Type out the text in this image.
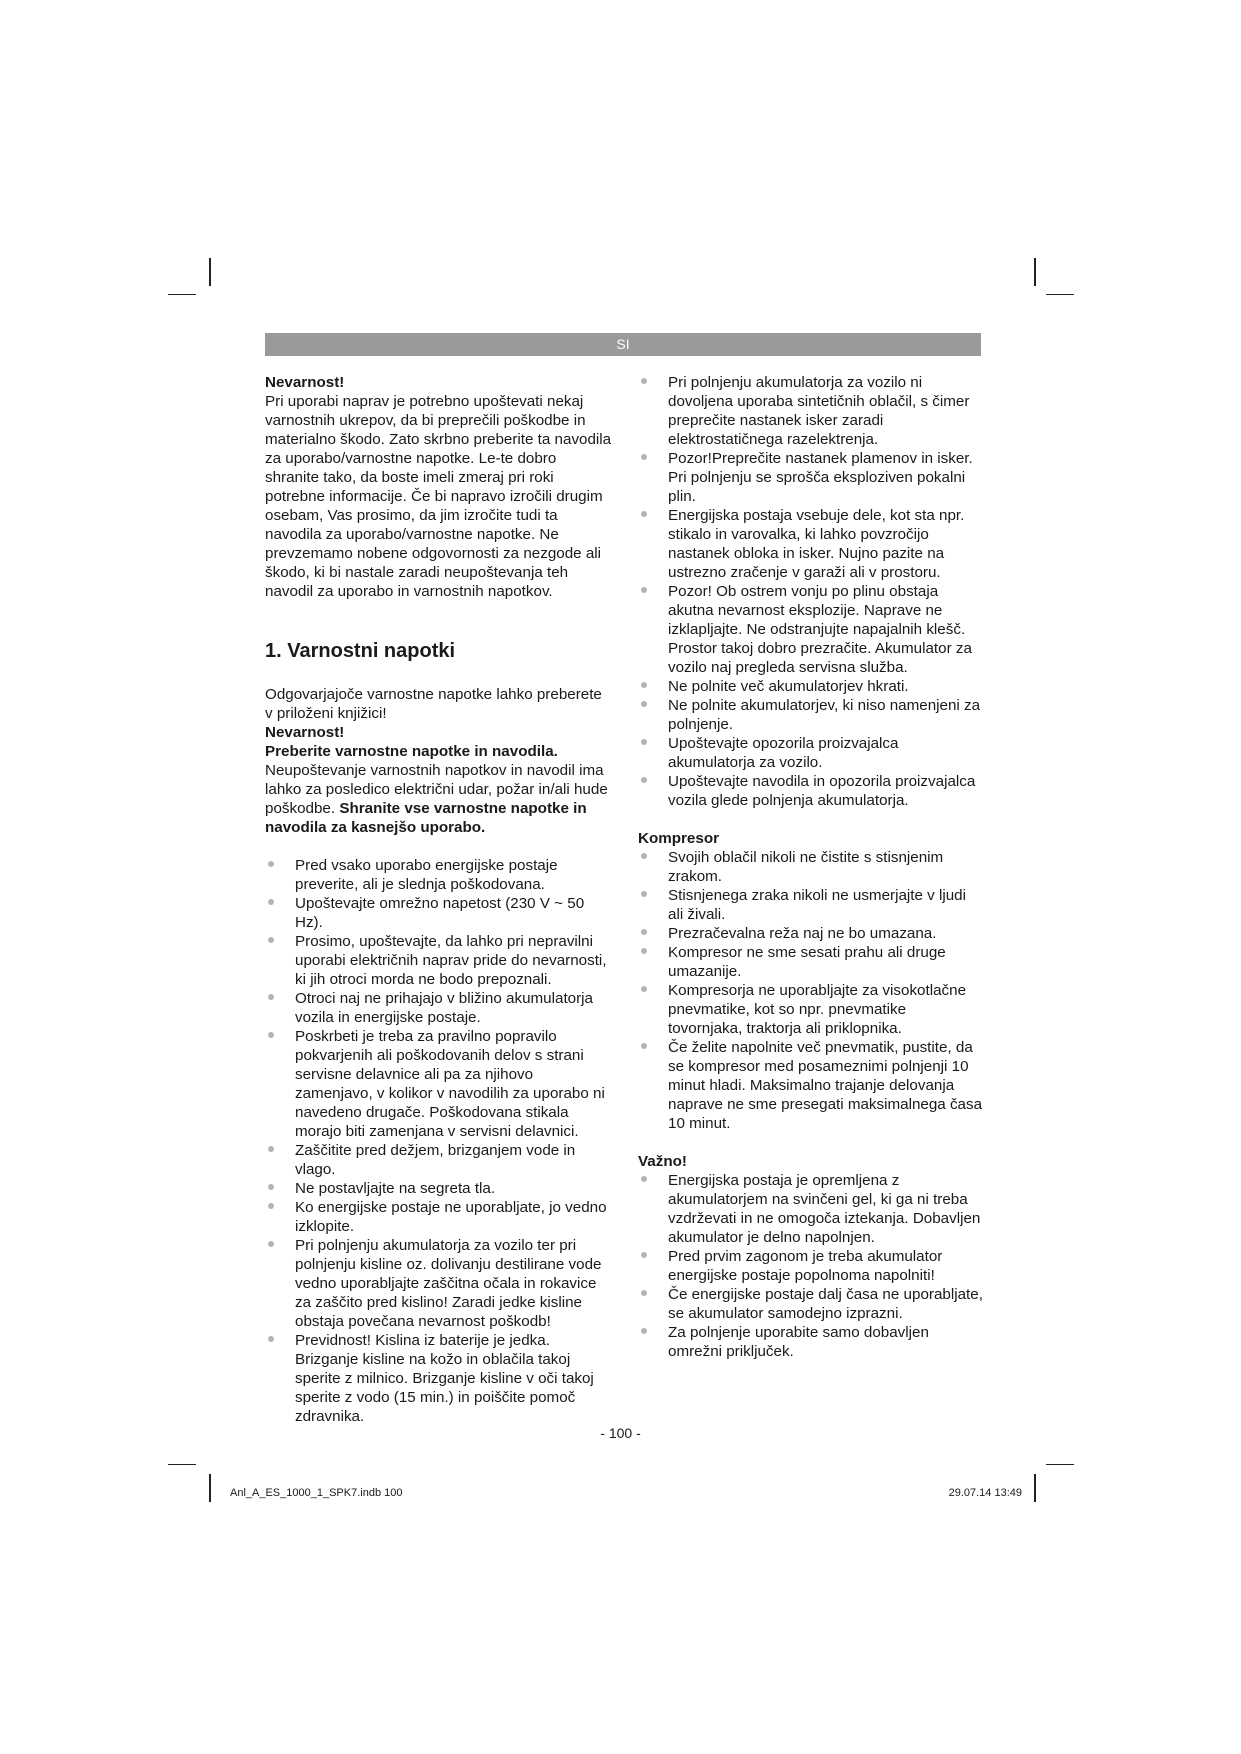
SI

Nevarnost!

Pri uporabi naprav je potrebno upoštevati nekaj varnostnih ukrepov, da bi preprečili poškodbe in materialno škodo. Zato skrbno preberite ta navodila za uporabo/varnostne napotke. Le-te dobro shranite tako, da boste imeli zmeraj pri roki potrebne informacije. Če bi napravo izročili drugim osebam, Vas prosimo, da jim izročite tudi ta navodila za uporabo/varnostne napotke. Ne prevzemamo nobene odgovornosti za nezgode ali škodo, ki bi nastale zaradi neupoštevanja teh navodil za uporabo in varnostnih napotkov.

1. Varnostni napotki

Odgovarjajoče varnostne napotke lahko preberete v priloženi knjižici!

Nevarnost!

Preberite varnostne napotke in navodila.

Neupoštevanje varnostnih napotkov in navodil ima lahko za posledico električni udar, požar in/ali hude poškodbe. Shranite vse varnostne napotke in navodila za kasnejšo uporabo.

Pred vsako uporabo energijske postaje preverite, ali je slednja poškodovana.
Upoštevajte omrežno napetost (230 V ~ 50 Hz).
Prosimo, upoštevajte, da lahko pri nepravilni uporabi električnih naprav pride do nevarnosti, ki jih otroci morda ne bodo prepoznali.
Otroci naj ne prihajajo v bližino akumulatorja vozila in energijske postaje.
Poskrbeti je treba za pravilno popravilo pokvarjenih ali poškodovanih delov s strani servisne delavnice ali pa za njihovo zamenjavo, v kolikor v navodilih za uporabo ni navedeno drugače. Poškodovana stikala morajo biti zamenjana v servisni delavnici.
Zaščitite pred dežjem, brizganjem vode in vlago.
Ne postavljajte na segreta tla.
Ko energijske postaje ne uporabljate, jo vedno izklopite.
Pri polnjenju akumulatorja za vozilo ter pri polnjenju kisline oz. dolivanju destilirane vode vedno uporabljajte zaščitna očala in rokavice za zaščito pred kislino! Zaradi jedke kisline obstaja povečana nevarnost poškodb!
Previdnost! Kislina iz baterije je jedka. Brizganje kisline na kožo in oblačila takoj sperite z milnico. Brizganje kisline v oči takoj sperite z vodo (15 min.) in poiščite pomoč zdravnika.
Pri polnjenju akumulatorja za vozilo ni dovoljena uporaba sintetičnih oblačil, s čimer preprečite nastanek isker zaradi elektrostatičnega razelektrenja.
Pozor!Preprečite nastanek plamenov in isker. Pri polnjenju se sprošča eksploziven pokalni plin.
Energijska postaja vsebuje dele, kot sta npr. stikalo in varovalka, ki lahko povzročijo nastanek obloka in isker. Nujno pazite na ustrezno zračenje v garaži ali v prostoru.
Pozor! Ob ostrem vonju po plinu obstaja akutna nevarnost eksplozije. Naprave ne izklapljajte. Ne odstranjujte napajalnih klešč. Prostor takoj dobro prezračite. Akumulator za vozilo naj pregleda servisna služba.
Ne polnite več akumulatorjev hkrati.
Ne polnite akumulatorjev, ki niso namenjeni za polnjenje.
Upoštevajte opozorila proizvajalca akumulatorja za vozilo.
Upoštevajte navodila in opozorila proizvajalca vozila glede polnjenja akumulatorja.

Kompresor

Svojih oblačil nikoli ne čistite s stisnjenim zrakom.
Stisnjenega zraka nikoli ne usmerjajte v ljudi ali živali.
Prezračevalna reža naj ne bo umazana.
Kompresor ne sme sesati prahu ali druge umazanije.
Kompresorja ne uporabljajte za visokotlačne pnevmatike, kot so npr. pnevmatike tovornjaka, traktorja ali priklopnika.
Če želite napolnite več pnevmatik, pustite, da se kompresor med posameznimi polnjenji 10 minut hladi. Maksimalno trajanje delovanja naprave ne sme presegati maksimalnega časa 10 minut.

Važno!

Energijska postaja je opremljena z akumulatorjem na svinčeni gel, ki ga ni treba vzdrževati in ne omogoča iztekanja. Dobavljen akumulator je delno napolnjen.
Pred prvim zagonom je treba akumulator energijske postaje popolnoma napolniti!
Če energijske postaje dalj časa ne uporabljate, se akumulator samodejno izprazni.
Za polnjenje uporabite samo dobavljen omrežni priključek.
- 100 -
Anl_A_ES_1000_1_SPK7.indb 100	29.07.14 13:49
